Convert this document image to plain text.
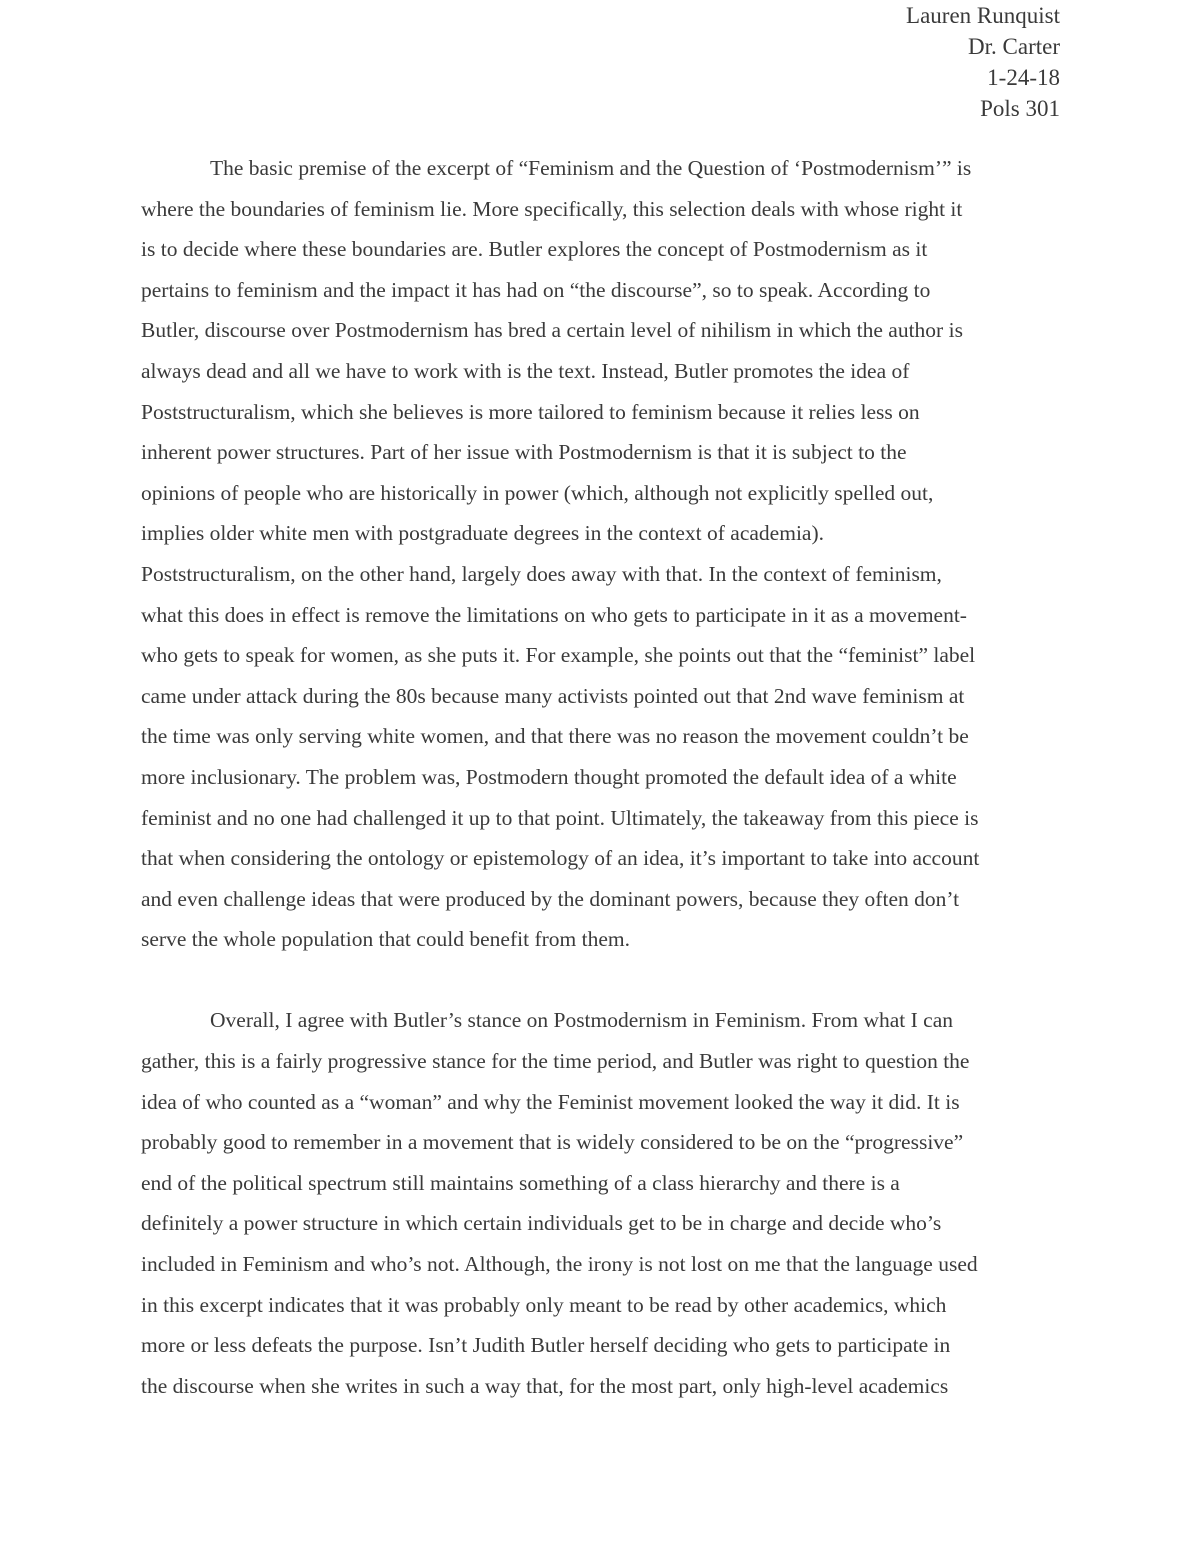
Lauren Runquist
Dr. Carter
1-24-18
Pols 301
The basic premise of the excerpt of “Feminism and the Question of ‘Postmodernism’” is
where the boundaries of feminism lie. More specifically, this selection deals with whose right it
is to decide where these boundaries are. Butler explores the concept of Postmodernism as it
pertains to feminism and the impact it has had on “the discourse”, so to speak. According to
Butler, discourse over Postmodernism has bred a certain level of nihilism in which the author is
always dead and all we have to work with is the text. Instead, Butler promotes the idea of
Poststructuralism, which she believes is more tailored to feminism because it relies less on
inherent power structures. Part of her issue with Postmodernism is that it is subject to the
opinions of people who are historically in power (which, although not explicitly spelled out,
implies older white men with postgraduate degrees in the context of academia).
Poststructuralism, on the other hand, largely does away with that. In the context of feminism,
what this does in effect is remove the limitations on who gets to participate in it as a movement-
who gets to speak for women, as she puts it. For example, she points out that the “feminist” label
came under attack during the 80s because many activists pointed out that 2nd wave feminism at
the time was only serving white women, and that there was no reason the movement couldn’t be
more inclusionary. The problem was, Postmodern thought promoted the default idea of a white
feminist and no one had challenged it up to that point. Ultimately, the takeaway from this piece is
that when considering the ontology or epistemology of an idea, it’s important to take into account
and even challenge ideas that were produced by the dominant powers, because they often don’t
serve the whole population that could benefit from them.
Overall, I agree with Butler’s stance on Postmodernism in Feminism. From what I can
gather, this is a fairly progressive stance for the time period, and Butler was right to question the
idea of who counted as a “woman” and why the Feminist movement looked the way it did. It is
probably good to remember in a movement that is widely considered to be on the “progressive”
end of the political spectrum still maintains something of a class hierarchy and there is a
definitely a power structure in which certain individuals get to be in charge and decide who’s
included in Feminism and who’s not. Although, the irony is not lost on me that the language used
in this excerpt indicates that it was probably only meant to be read by other academics, which
more or less defeats the purpose. Isn’t Judith Butler herself deciding who gets to participate in
the discourse when she writes in such a way that, for the most part, only high-level academics
